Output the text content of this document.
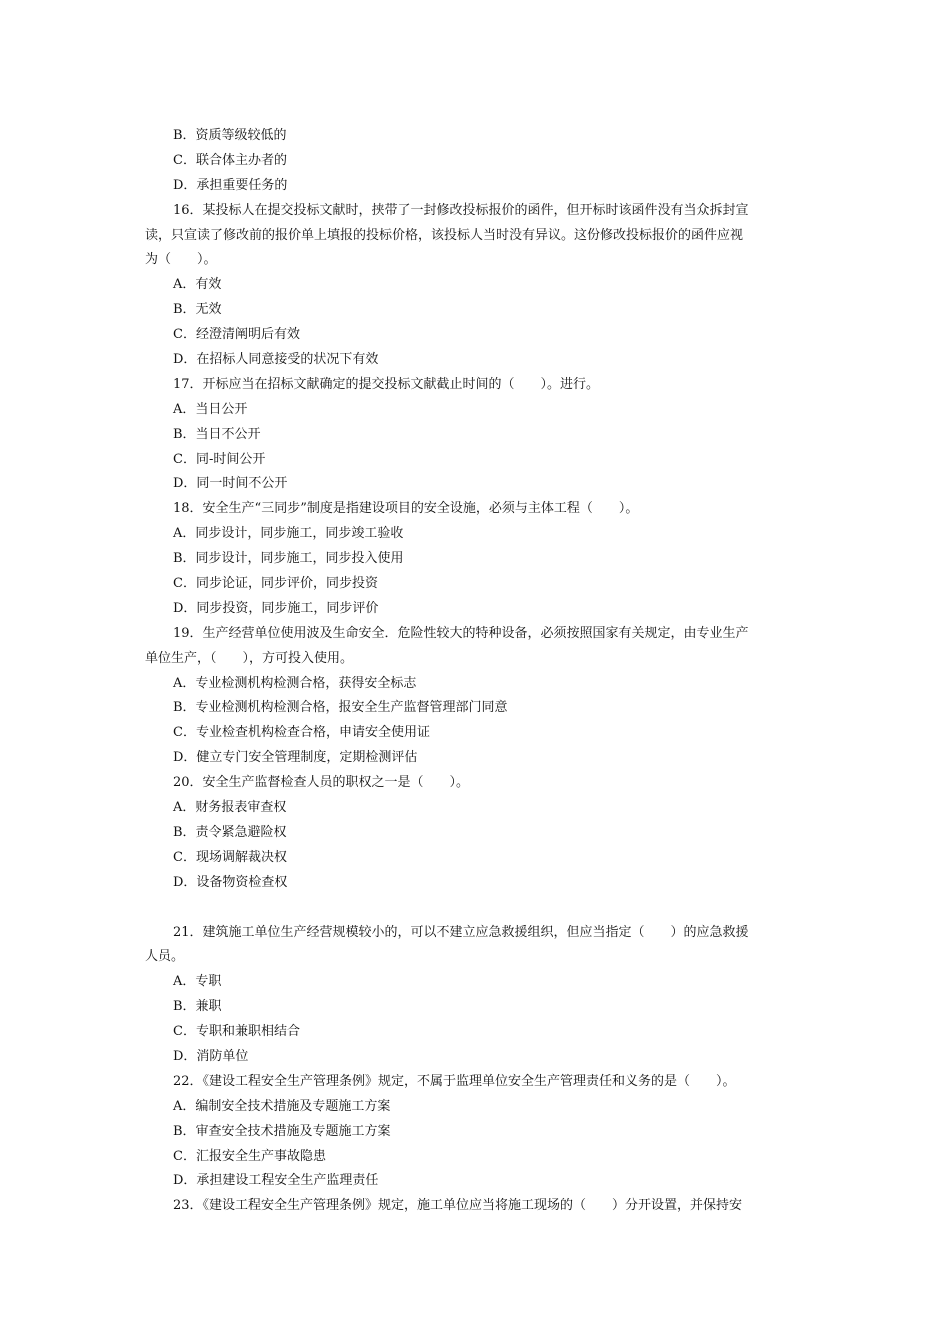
B．资质等级较低的
C．联合体主办者的
D．承担重要任务的
16．某投标人在提交投标文献时，挟带了一封修改投标报价的函件，但开标时该函件没有当众拆封宣
读，只宣读了修改前的报价单上填报的投标价格，该投标人当时没有异议。这份修改投标报价的函件应视
为（　　）。
A．有效
B．无效
C．经澄清阐明后有效
D．在招标人同意接受的状况下有效
17．开标应当在招标文献确定的提交投标文献截止时间的（　　）。进行。
A．当日公开
B．当日不公开
C．同-时间公开
D．同一时间不公开
18．安全生产“三同步”制度是指建设项目的安全设施，必须与主体工程（　　）。
A．同步设计，同步施工，同步竣工验收
B．同步设计，同步施工，同步投入使用
C．同步论证，同步评价，同步投资
D．同步投资，同步施工，同步评价
19．生产经营单位使用波及生命安全．危险性较大的特种设备，必须按照国家有关规定，由专业生产
单位生产，（　　），方可投入使用。
A．专业检测机构检测合格，获得安全标志
B．专业检测机构检测合格，报安全生产监督管理部门同意
C．专业检查机构检查合格，申请安全使用证
D．健立专门安全管理制度，定期检测评估
20．安全生产监督检查人员的职权之一是（　　）。
A．财务报表审查权
B．责令紧急避险权
C．现场调解裁决权
D．设备物资检查权
21．建筑施工单位生产经营规模较小的，可以不建立应急救援组织，但应当指定（　　）的应急救援
人员。
A．专职
B．兼职
C．专职和兼职相结合
D．消防单位
22．《建设工程安全生产管理条例》规定，不属于监理单位安全生产管理责任和义务的是（　　）。
A．编制安全技术措施及专题施工方案
B．审查安全技术措施及专题施工方案
C．汇报安全生产事故隐患
D．承担建设工程安全生产监理责任
23．《建设工程安全生产管理条例》规定，施工单位应当将施工现场的（　　）分开设置，并保持安
